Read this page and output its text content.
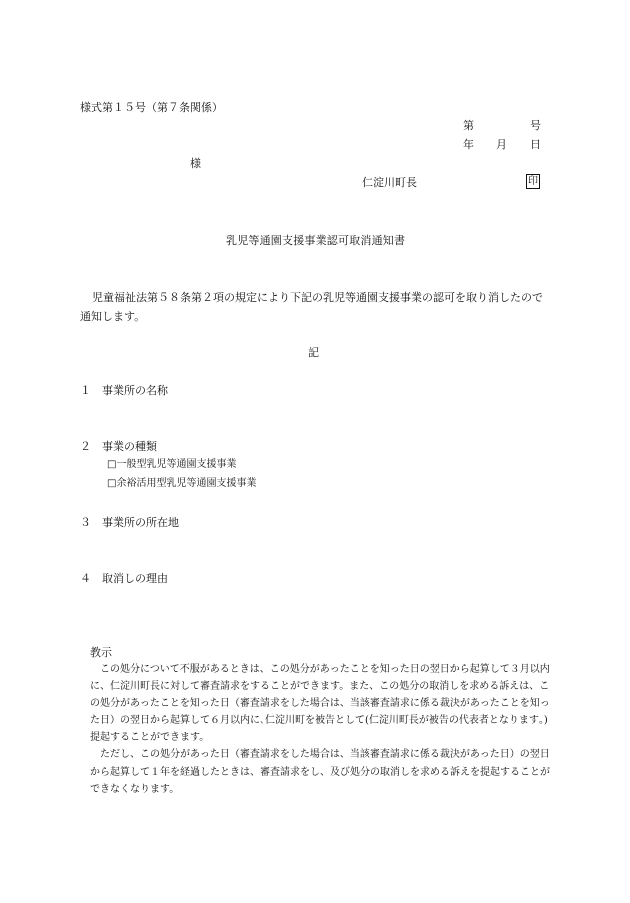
様式第１５号（第７条関係）

第	号

年 月 日

様

仁淀川町長	印

乳児等通園支援事業認可取消通知書

児童福祉法第５８条第２項の規定により下記の乳児等通園支援事業の認可を取り消したので

通知します。

記

１ 事業所の名称

２ 事業の種類

□一般型乳児等通園支援事業

□余裕活用型乳児等通園支援事業

３ 事業所の所在地

４ 取消しの理由

教示

この処分について不服があるときは、この処分があったことを知った日の翌日から起算して３月以内

に、仁淀川町長に対して審査請求をすることができます。また、この処分の取消しを求める訴えは、こ

の処分があったことを知った日（審査請求をした場合は、当該審査請求に係る裁決があったことを知っ

た日）の翌日から起算して６月以内に､仁淀川町を被告として(仁淀川町長が被告の代表者となります｡)

提起することができます。

ただし、この処分があった日（審査請求をした場合は、当該審査請求に係る裁決があった日）の翌日

から起算して１年を経過したときは、審査請求をし、及び処分の取消しを求める訴えを提起することが

できなくなります。
